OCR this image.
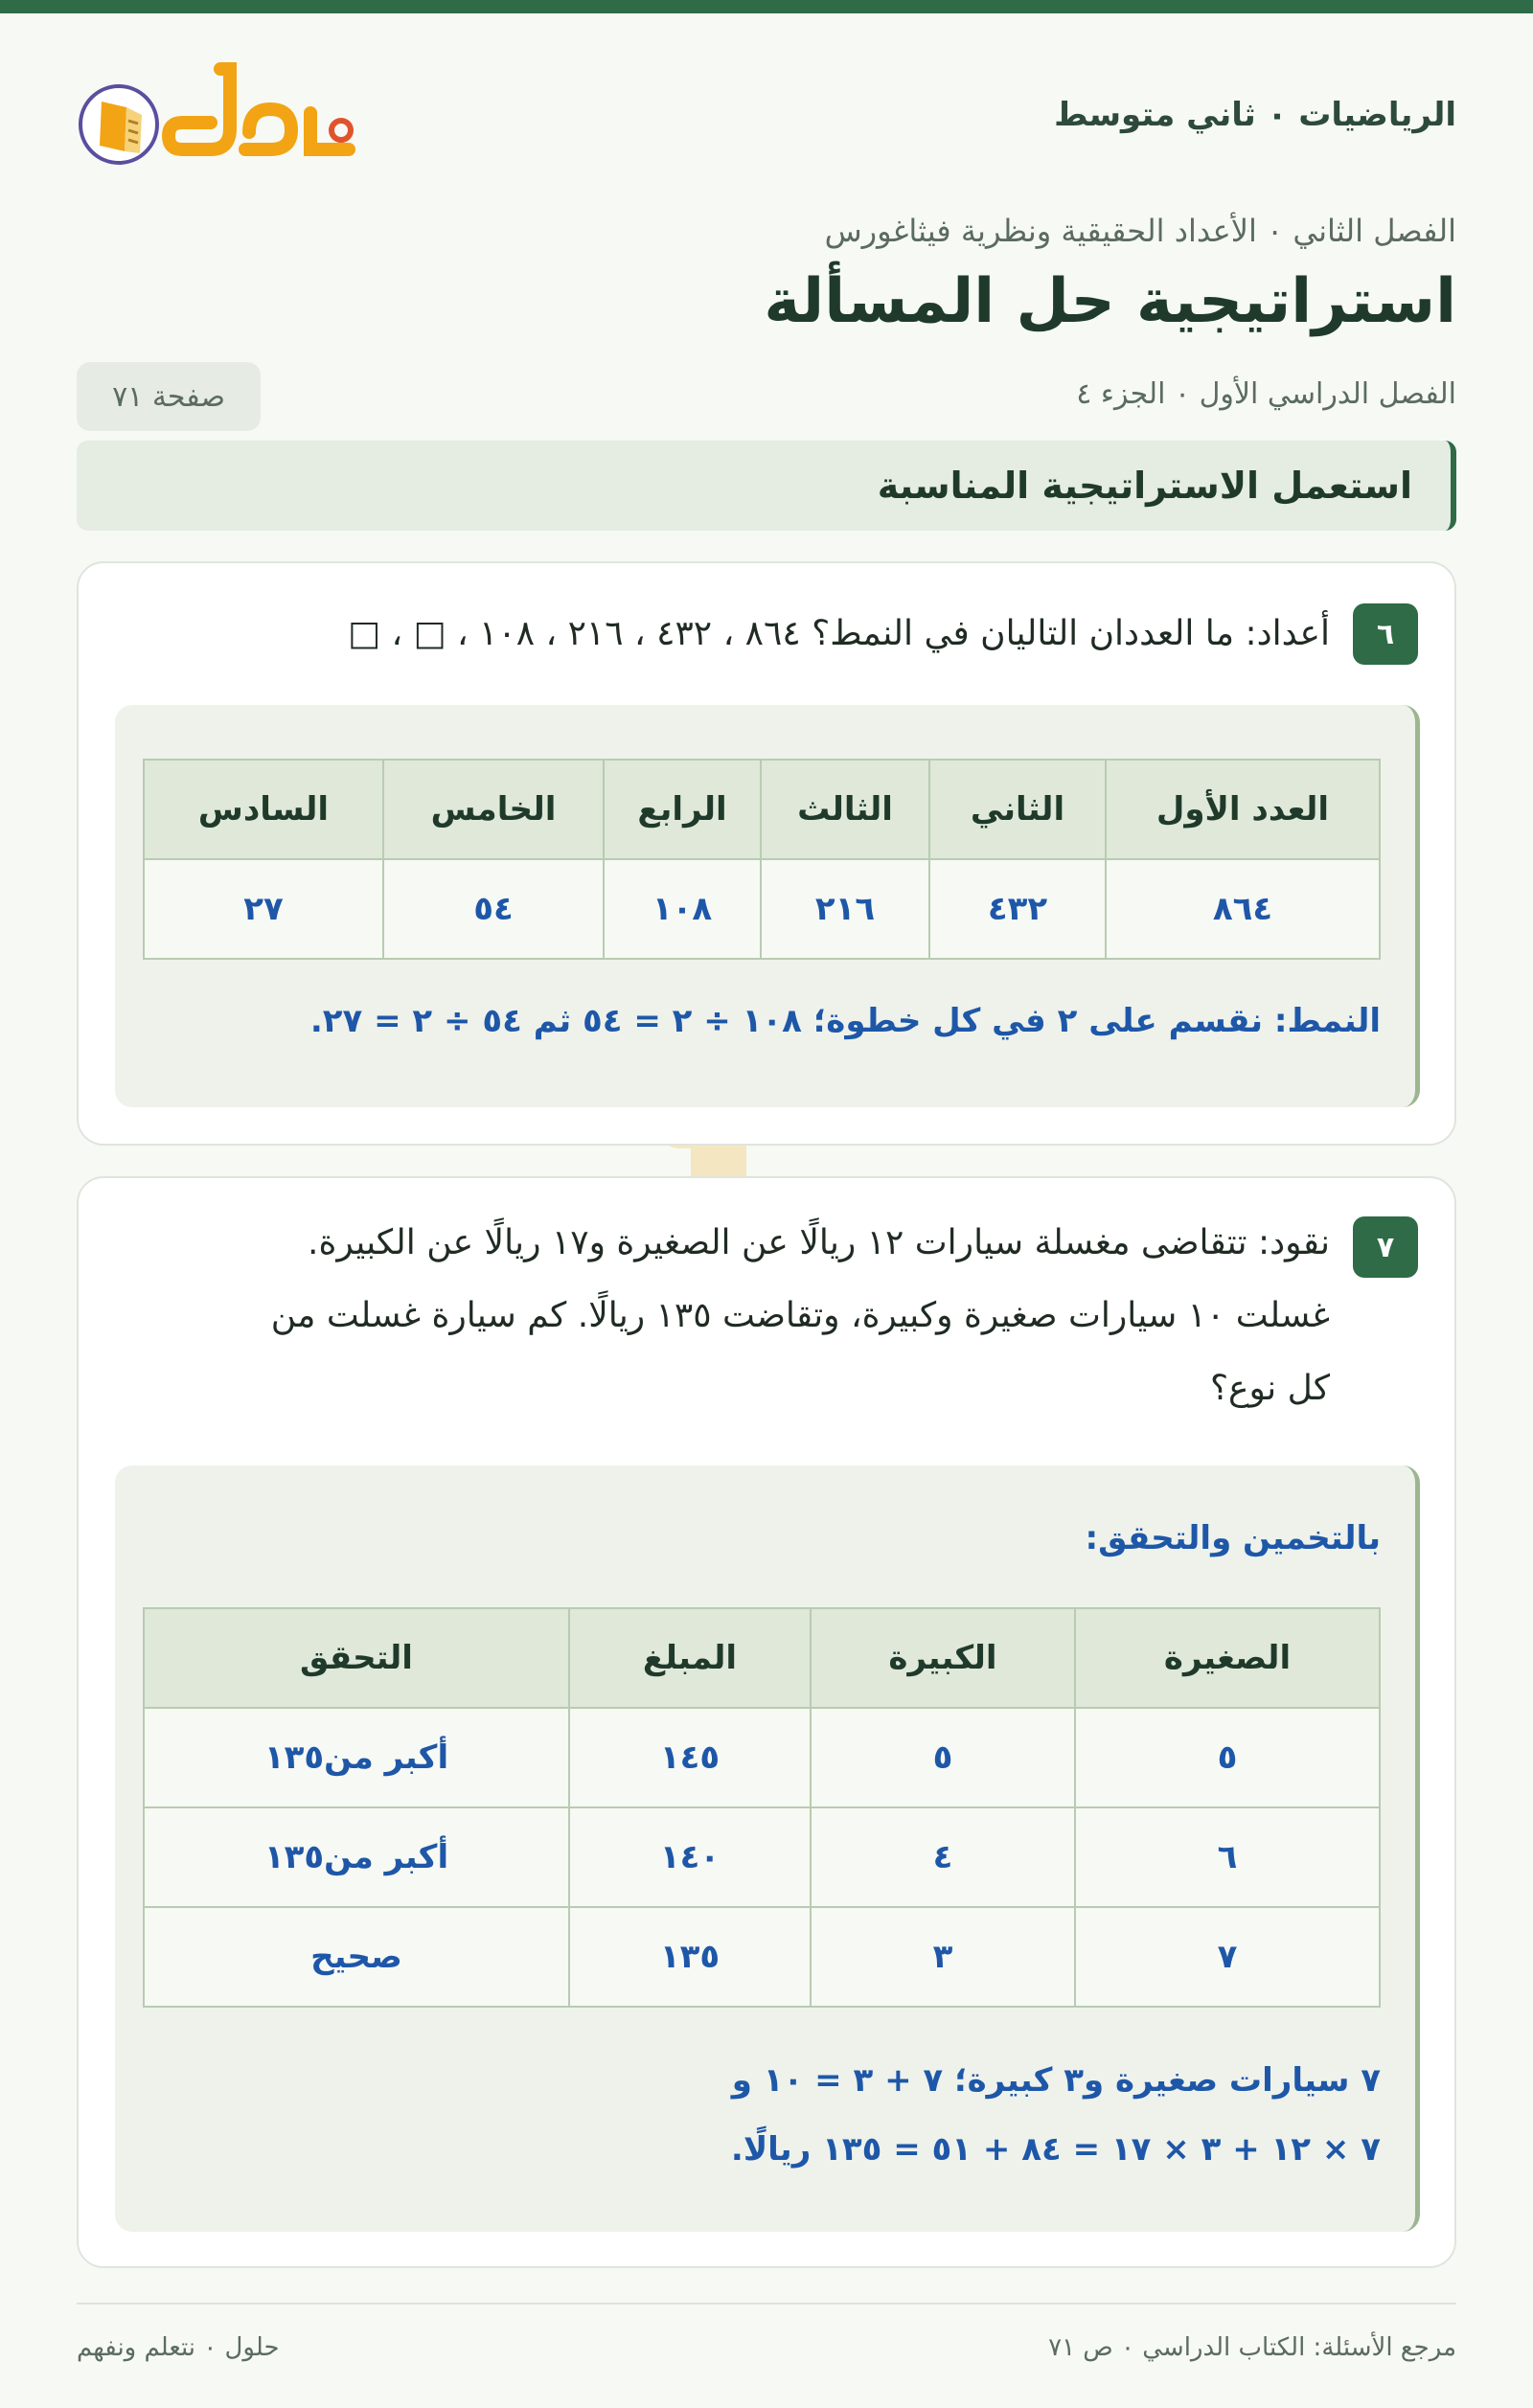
الرياضيات ٠ ثاني متوسط
حلول
الفصل الثاني ٠ الأعداد الحقيقية ونظرية فيثاغورس
استراتيجية حل المسألة
الفصل الدراسي الأول ٠ الجزء ٤
صفحة ٧١
استعمل الاستراتيجية المناسبة
٦
أعداد: ما العددان التاليان في النمط؟ ٨٦٤ ، ٤٣٢ ، ٢١٦ ، ١٠٨ ، □ ، □
العدد الأول	الثاني	الثالث	الرابع	الخامس	السادس
٨٦٤	٤٣٢	٢١٦	١٠٨	٥٤	٢٧
النمط: نقسم على ٢ في كل خطوة؛ ١٠٨ ÷ ٢ = ٥٤ ثم ٥٤ ÷ ٢ = ٢٧.
٧
نقود: تتقاضى مغسلة سيارات ١٢ ريالًا عن الصغيرة و١٧ ريالًا عن الكبيرة.
غسلت ١٠ سيارات صغيرة وكبيرة، وتقاضت ١٣٥ ريالًا. كم سيارة غسلت من
كل نوع؟
بالتخمين والتحقق:
الصغيرة	الكبيرة	المبلغ	التحقق
٥	٥	١٤٥	أكبر من١٣٥
٦	٤	١٤٠	أكبر من١٣٥
٧	٣	١٣٥	صحيح
٧ سيارات صغيرة و٣ كبيرة؛ ٧ + ٣ = ١٠ و
٧ × ١٢ + ٣ × ١٧ = ٨٤ + ٥١ = ١٣٥ ريالًا.
مرجع الأسئلة: الكتاب الدراسي ٠ ص ٧١
حلول ٠ نتعلم ونفهم
